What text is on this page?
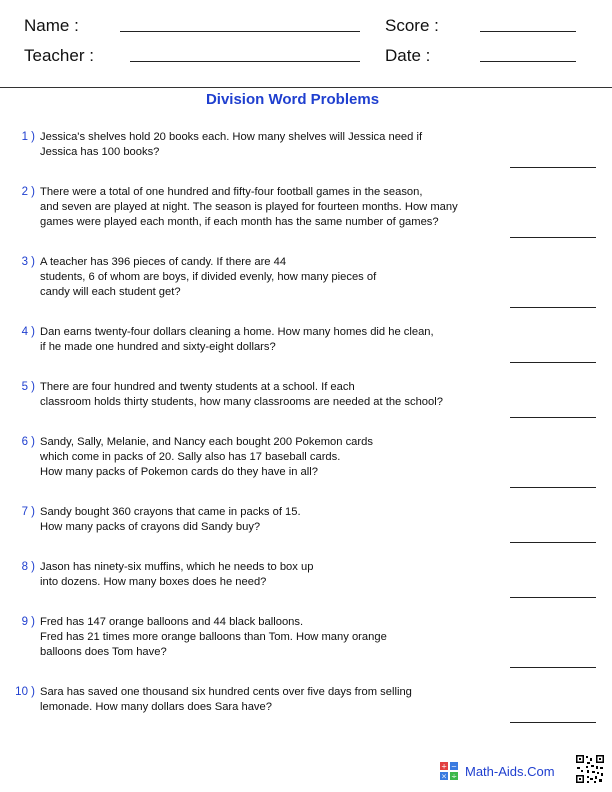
Name :
Teacher :
Score :
Date :
Division Word Problems
1 ) Jessica's shelves hold 20 books each. How many shelves will Jessica need if
Jessica has 100 books?
2 ) There were a total of one hundred and fifty-four football games in the season,
and seven are played at night. The season is played for fourteen months. How many
games were played each month, if each month has the same number of games?
3 ) A teacher has 396 pieces of candy. If there are 44
students, 6 of whom are boys, if divided evenly, how many pieces of
candy will each student get?
4 ) Dan earns twenty-four dollars cleaning a home. How many homes did he clean,
if he made one hundred and sixty-eight dollars?
5 ) There are four hundred and twenty students at a school. If each
classroom holds thirty students, how many classrooms are needed at the school?
6 ) Sandy, Sally, Melanie, and Nancy each bought 200 Pokemon cards
which come in packs of 20. Sally also has 17 baseball cards.
How many packs of Pokemon cards do they have in all?
7 ) Sandy bought 360 crayons that came in packs of 15.
How many packs of crayons did Sandy buy?
8 ) Jason has ninety-six muffins, which he needs to box up
into dozens. How many boxes does he need?
9 ) Fred has 147 orange balloons and 44 black balloons.
Fred has 21 times more orange balloons than Tom. How many orange
balloons does Tom have?
10 ) Sara has saved one thousand six hundred cents over five days from selling
lemonade. How many dollars does Sara have?
+ −
× ÷ Math-Aids.Com
